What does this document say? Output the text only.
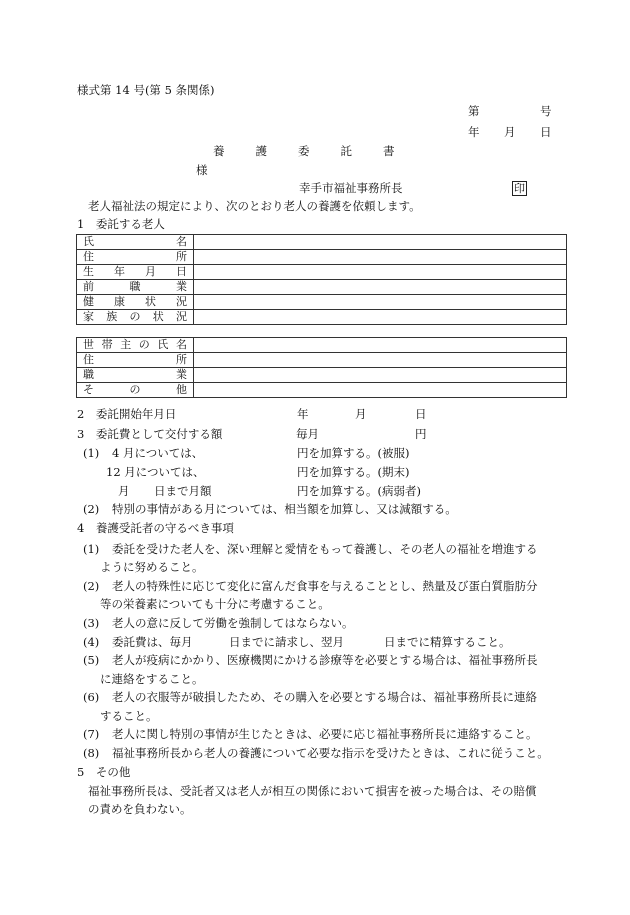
様式第 14 号(第 5 条関係)
第	号
年 月 日
養護委託書
様
幸手市福祉事務所長	印
老人福祉法の規定により、次のとおり老人の養護を依頼します。
1　委託する老人
氏名	
住所	
生年月日	
前職業	
健康状況	
家族の状況	
世帯主の氏名	
住所	
職業	
その他	
2　委託開始年月日	年	月	日
3　委託費として交付する額	毎月	円
(1) 4 月については、	円を加算する。(被服)
12 月については、	円を加算する。(期末)
月 日まで月額	円を加算する。(病弱者)
(2) 特別の事情がある月については、相当額を加算し、又は減額する。
4　養護受託者の守るべき事項
(1) 委託を受けた老人を、深い理解と愛情をもって養護し、その老人の福祉を増進する
ように努めること。
(2) 老人の特殊性に応じて変化に富んだ食事を与えることとし、熱量及び蛋白質脂肪分
等の栄養素についても十分に考慮すること。
(3) 老人の意に反して労働を強制してはならない。
(4) 委託費は、毎月	日までに請求し、翌月	日までに精算すること。
(5) 老人が疫病にかかり、医療機関にかける診療等を必要とする場合は、福祉事務所長
に連絡をすること。
(6) 老人の衣服等が破損したため、その購入を必要とする場合は、福祉事務所長に連絡
すること。
(7) 老人に関し特別の事情が生じたときは、必要に応じ福祉事務所長に連絡すること。
(8) 福祉事務所長から老人の養護について必要な指示を受けたときは、これに従うこと。
5　その他
福祉事務所長は、受託者又は老人が相互の関係において損害を被った場合は、その賠償
の責めを負わない。
